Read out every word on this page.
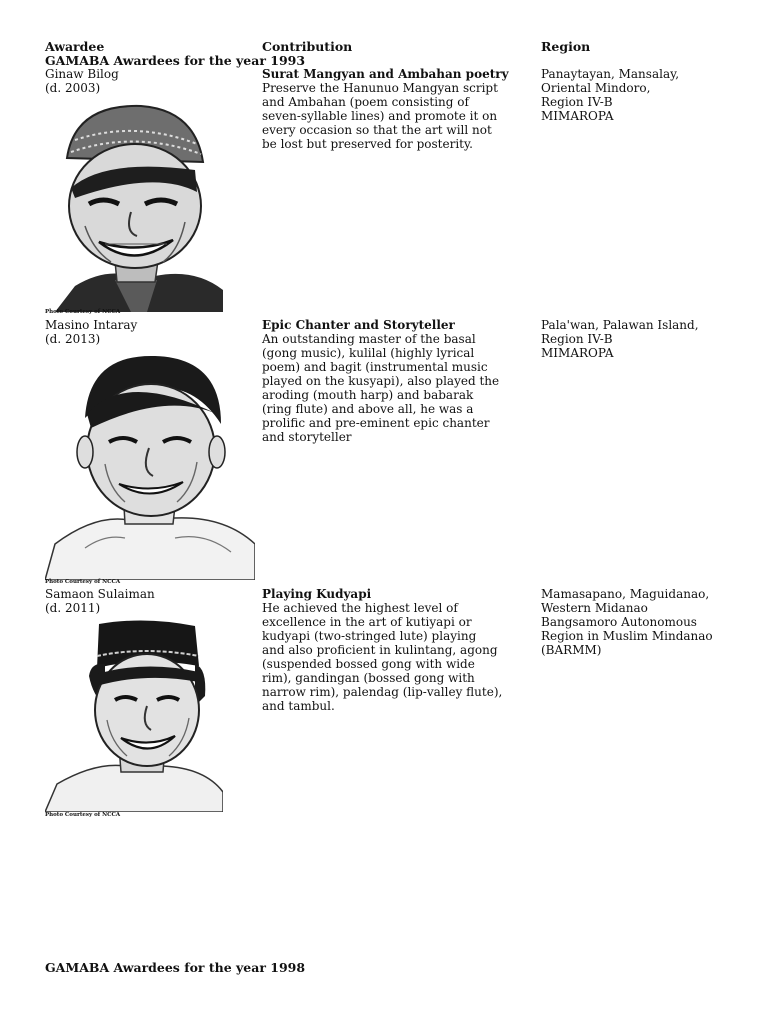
Awardee	Contribution	Region
GAMABA Awardees for the year 1993
Ginaw Bilog
(d. 2003)
Photo Courtesy of NCCA
Surat Mangyan and Ambahan poetry
Preserve the Hanunuo Mangyan script
and Ambahan (poem consisting of
seven-syllable lines) and promote it on
every occasion so that the art will not
be lost but preserved for posterity.
Panaytayan, Mansalay,
Oriental Mindoro,
Region IV-B
MIMAROPA
Masino Intaray
(d. 2013)
Photo Courtesy of NCCA
Epic Chanter and Storyteller
An outstanding master of the basal
(gong music), kulilal (highly lyrical
poem) and bagit (instrumental music
played on the kusyapi), also played the
aroding (mouth harp) and babarak
(ring flute) and above all, he was a
prolific and pre-eminent epic chanter
and storyteller
Pala'wan, Palawan Island,
Region IV-B
MIMAROPA
Samaon Sulaiman
(d. 2011)
Photo Courtesy of NCCA
Playing Kudyapi
He achieved the highest level of
excellence in the art of kutiyapi or
kudyapi (two-stringed lute) playing
and also proficient in kulintang, agong
(suspended bossed gong with wide
rim), gandingan (bossed gong with
narrow rim), palendag (lip-valley flute),
and tambul.
Mamasapano, Maguidanao,
Western Midanao
Bangsamoro Autonomous
Region in Muslim Mindanao
(BARMM)
GAMABA Awardees for the year 1998
